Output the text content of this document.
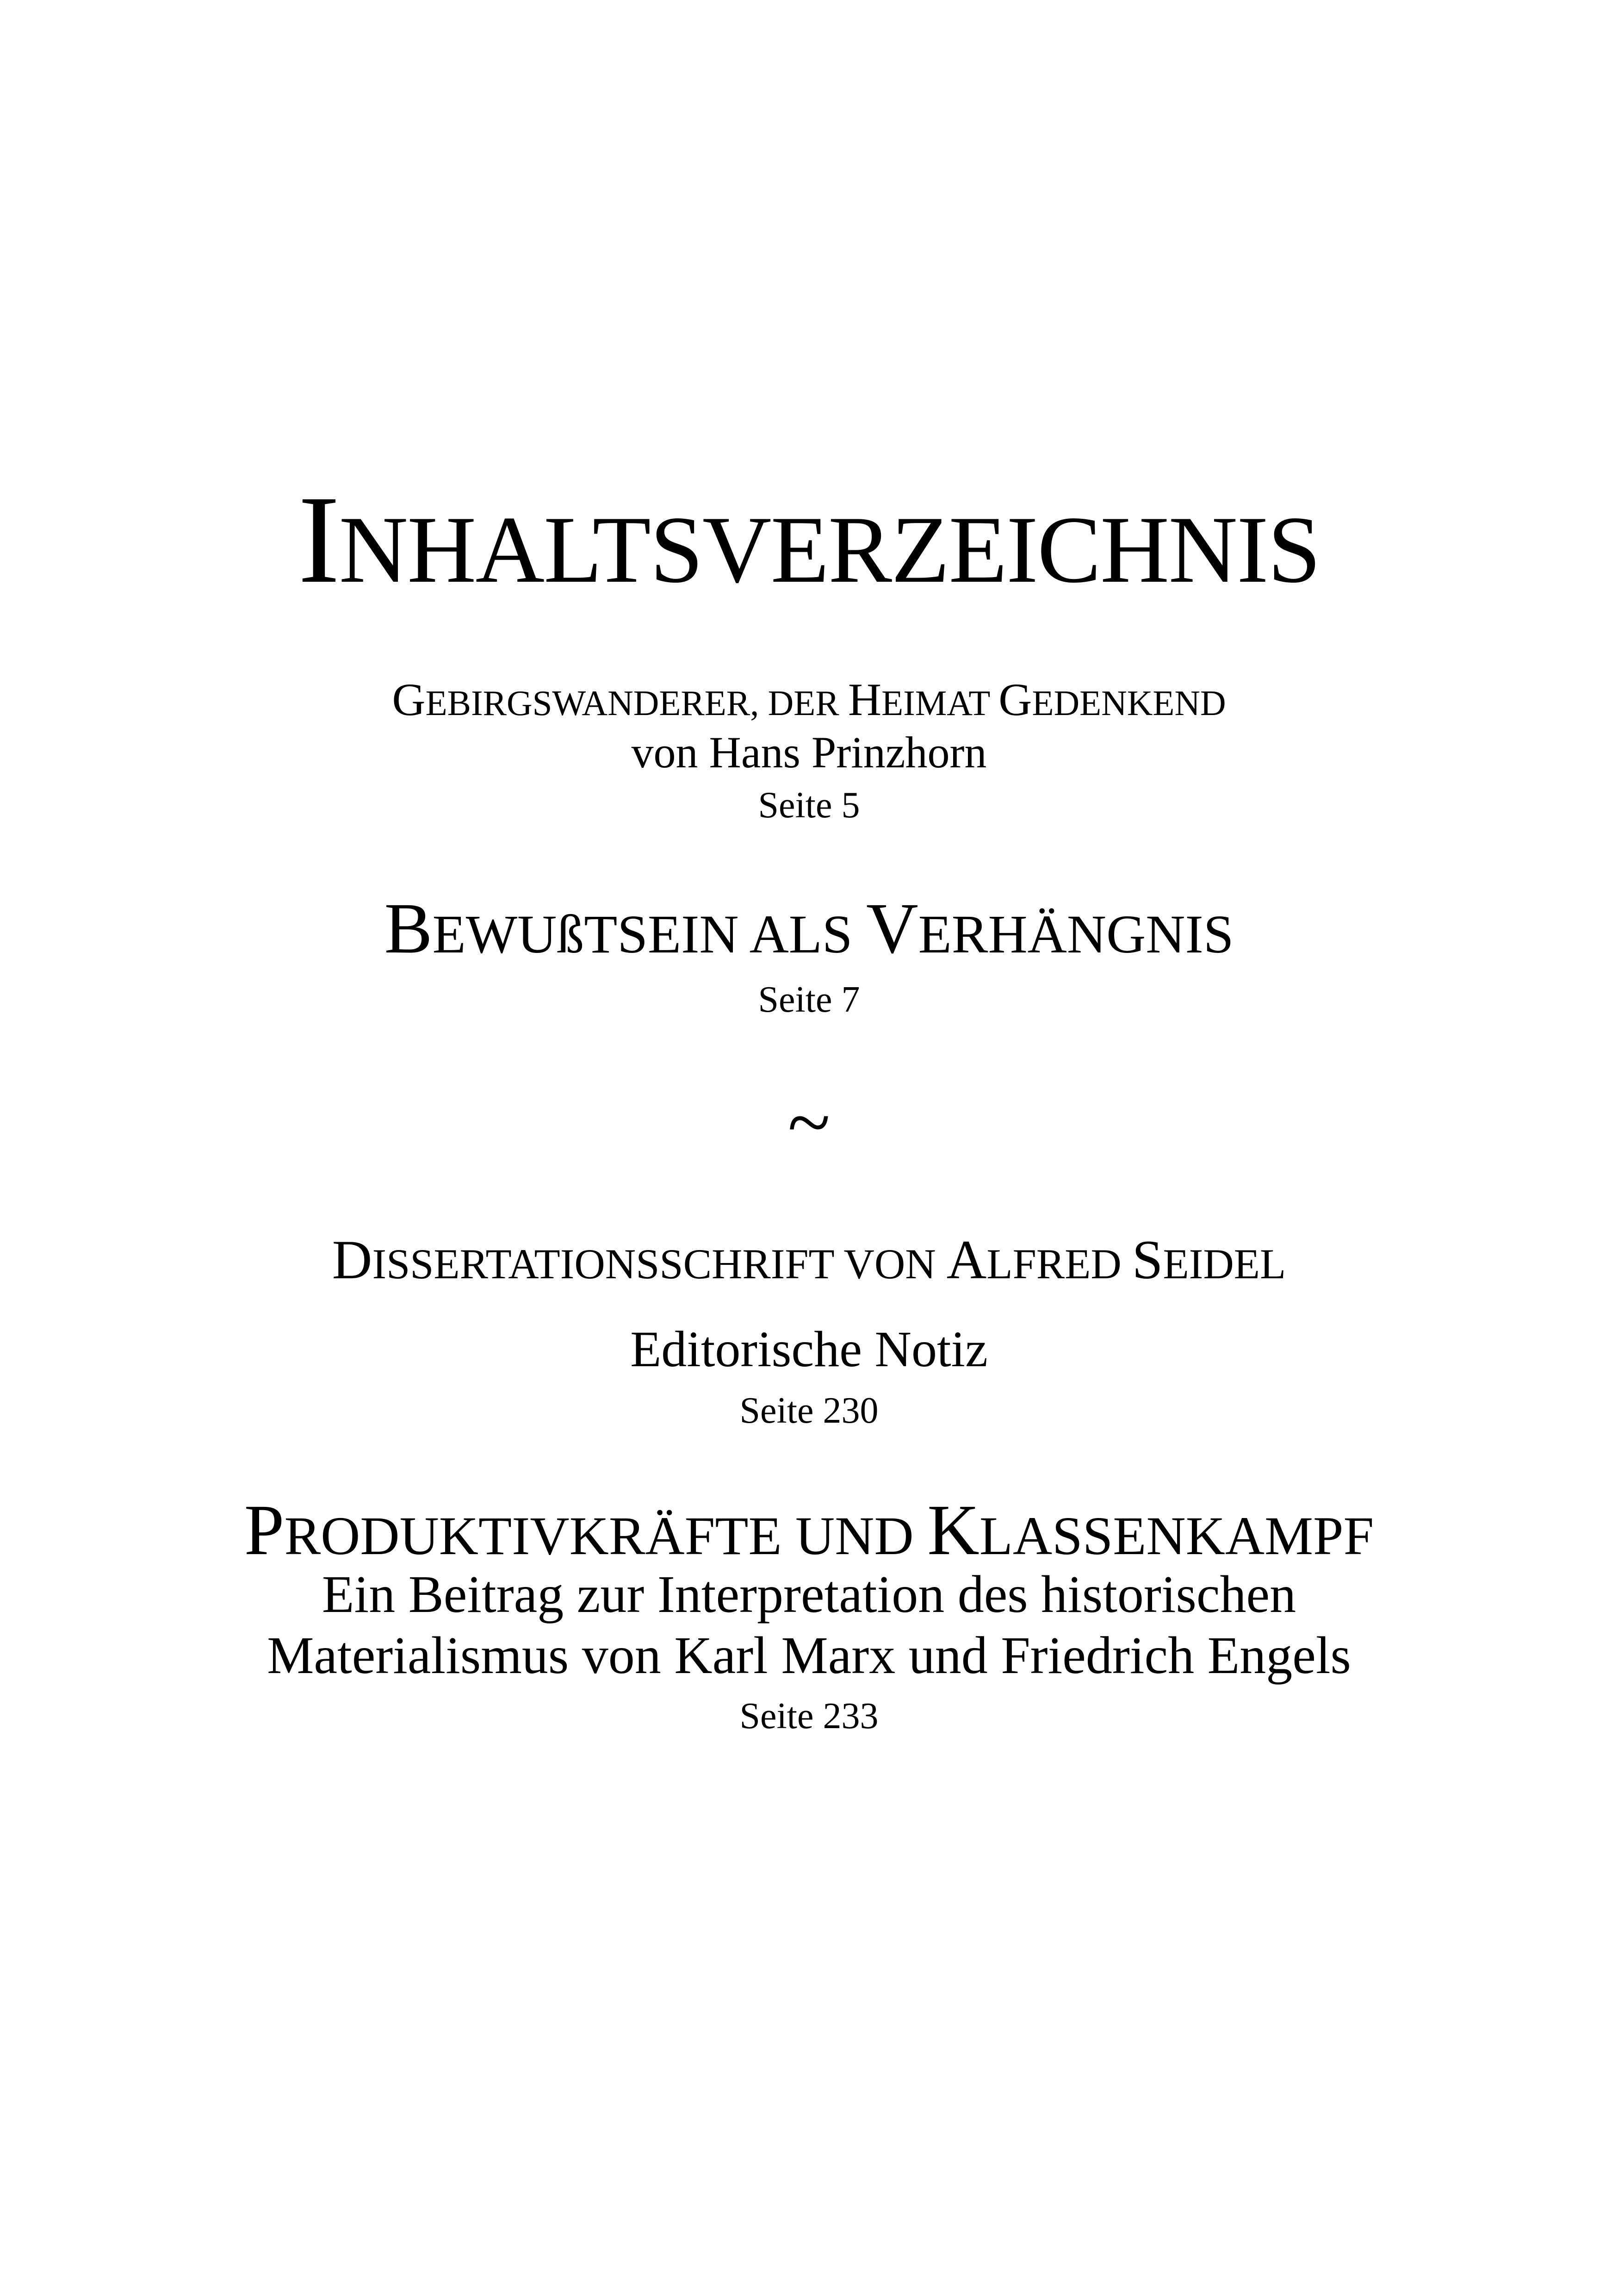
INHALTSVERZEICHNIS
GEBIRGSWANDERER, DER HEIMAT GEDENKEND
von Hans Prinzhorn
Seite 5
BEWUßTSEIN ALS VERHÄNGNIS
Seite 7
~
DISSERTATIONSSCHRIFT VON ALFRED SEIDEL
Editorische Notiz
Seite 230
PRODUKTIVKRÄFTE UND KLASSENKAMPF
Ein Beitrag zur Interpretation des historischen
Materialismus von Karl Marx und Friedrich Engels
Seite 233
